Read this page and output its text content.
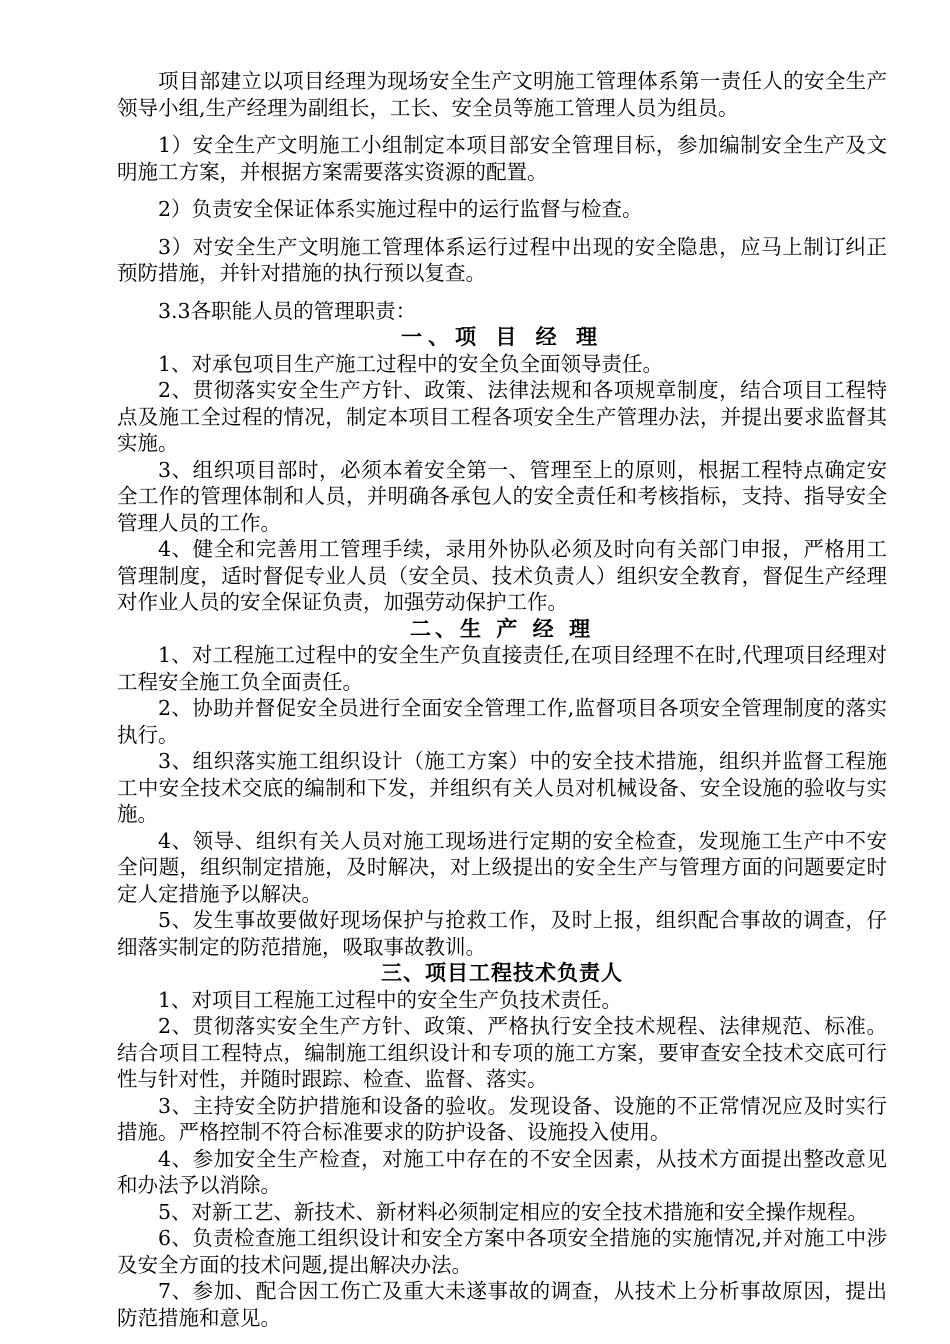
项目部建立以项目经理为现场安全生产文明施工管理体系第一责任人的安全生产领导小组,生产经理为副组长，工长、安全员等施工管理人员为组员。

1）安全生产文明施工小组制定本项目部安全管理目标，参加编制安全生产及文明施工方案，并根据方案需要落实资源的配置。

2）负责安全保证体系实施过程中的运行监督与检查。

3）对安全生产文明施工管理体系运行过程中出现的安全隐患，应马上制订纠正预防措施，并针对措施的执行预以复查。

3.3各职能人员的管理职责：

一、项 目 经 理

1、对承包项目生产施工过程中的安全负全面领导责任。

2、贯彻落实安全生产方针、政策、法律法规和各项规章制度，结合项目工程特点及施工全过程的情况，制定本项目工程各项安全生产管理办法，并提出要求监督其实施。

3、组织项目部时，必须本着安全第一、管理至上的原则，根据工程特点确定安全工作的管理体制和人员，并明确各承包人的安全责任和考核指标，支持、指导安全管理人员的工作。

4、健全和完善用工管理手续，录用外协队必须及时向有关部门申报，严格用工管理制度，适时督促专业人员（安全员、技术负责人）组织安全教育，督促生产经理对作业人员的安全保证负责，加强劳动保护工作。

二、生 产 经 理

1、对工程施工过程中的安全生产负直接责任,在项目经理不在时,代理项目经理对工程安全施工负全面责任。

2、协助并督促安全员进行全面安全管理工作,监督项目各项安全管理制度的落实执行。

3、组织落实施工组织设计（施工方案）中的安全技术措施，组织并监督工程施工中安全技术交底的编制和下发，并组织有关人员对机械设备、安全设施的验收与实施。

4、领导、组织有关人员对施工现场进行定期的安全检查，发现施工生产中不安全问题，组织制定措施，及时解决，对上级提出的安全生产与管理方面的问题要定时定人定措施予以解决。

5、发生事故要做好现场保护与抢救工作，及时上报，组织配合事故的调查，仔细落实制定的防范措施，吸取事故教训。

三、项目工程技术负责人

1、对项目工程施工过程中的安全生产负技术责任。

2、贯彻落实安全生产方针、政策、严格执行安全技术规程、法律规范、标准。结合项目工程特点，编制施工组织设计和专项的施工方案，要审查安全技术交底可行性与针对性，并随时跟踪、检查、监督、落实。

3、主持安全防护措施和设备的验收。发现设备、设施的不正常情况应及时实行措施。严格控制不符合标准要求的防护设备、设施投入使用。

4、参加安全生产检查，对施工中存在的不安全因素，从技术方面提出整改意见和办法予以消除。

5、对新工艺、新技术、新材料必须制定相应的安全技术措施和安全操作规程。

6、负责检查施工组织设计和安全方案中各项安全措施的实施情况,并对施工中涉及安全方面的技术问题,提出解决办法。

7、参加、配合因工伤亡及重大未遂事故的调查，从技术上分析事故原因，提出防范措施和意见。
